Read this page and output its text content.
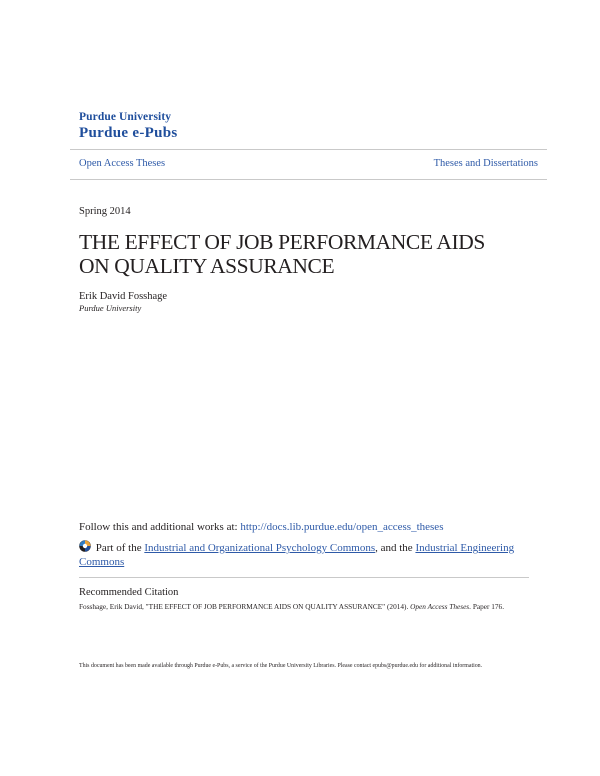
Purdue University
Purdue e-Pubs
Open Access Theses	Theses and Dissertations
Spring 2014
THE EFFECT OF JOB PERFORMANCE AIDS
ON QUALITY ASSURANCE
Erik David Fosshage
Purdue University
Follow this and additional works at: http://docs.lib.purdue.edu/open_access_theses
Part of the Industrial and Organizational Psychology Commons, and the Industrial Engineering Commons
Recommended Citation
Fosshage, Erik David, "THE EFFECT OF JOB PERFORMANCE AIDS ON QUALITY ASSURANCE" (2014). Open Access Theses. Paper 176.
This document has been made available through Purdue e-Pubs, a service of the Purdue University Libraries. Please contact epubs@purdue.edu for additional information.
